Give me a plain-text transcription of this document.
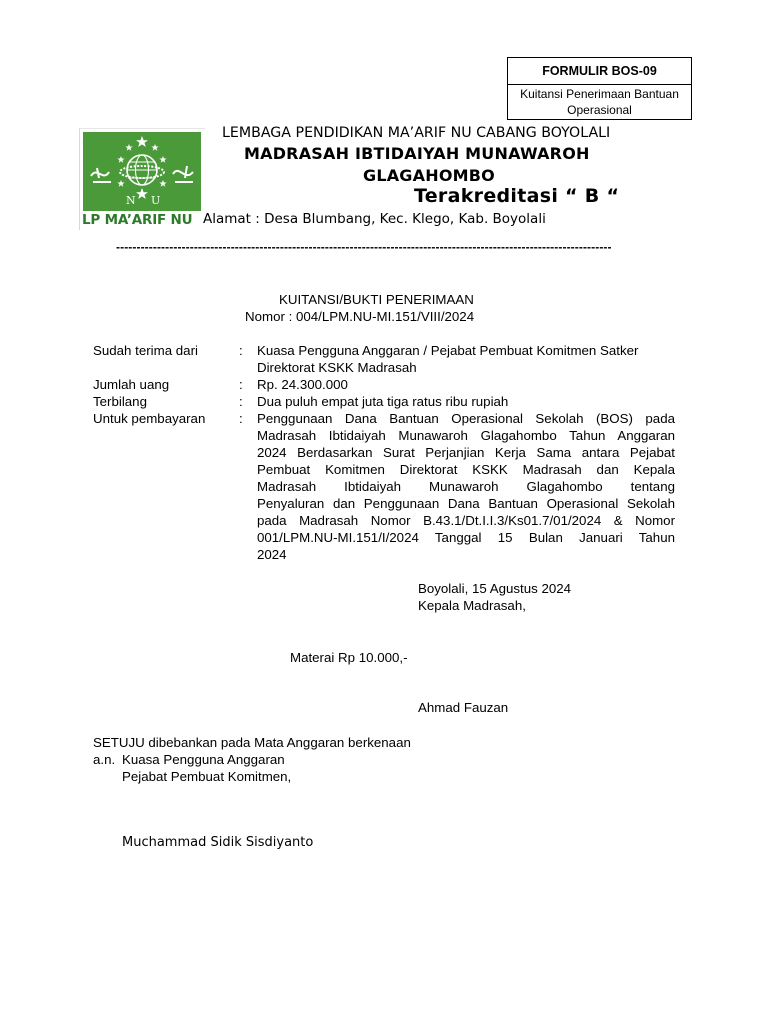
FORMULIR BOS-09
Kuitansi Penerimaan Bantuan Operasional
N U
LP MA’ARIF NU
LEMBAGA PENDIDIKAN MA’ARIF NU CABANG BOYOLALI
MADRASAH IBTIDAIYAH MUNAWAROH
GLAGAHOMBO
Terakreditasi “ B “
Alamat : Desa Blumbang, Kec. Klego, Kab. Boyolali
-------------------------------------------------------------------------------------------------------------------------
KUITANSI/BUKTI PENERIMAAN
Nomor : 004/LPM.NU-MI.151/VIII/2024
Sudah terima dari	: Kuasa Pengguna Anggaran / Pejabat Pembuat Komitmen Satker
Direktorat KSKK Madrasah
Jumlah uang	: Rp. 24.300.000
Terbilang	: Dua puluh empat juta tiga ratus ribu rupiah
Untuk pembayaran	: Penggunaan Dana Bantuan Operasional Sekolah (BOS) pada
Madrasah Ibtidaiyah Munawaroh Glagahombo Tahun Anggaran
2024 Berdasarkan Surat Perjanjian Kerja Sama antara Pejabat
Pembuat Komitmen Direktorat KSKK Madrasah dan Kepala
Madrasah Ibtidaiyah Munawaroh Glagahombo tentang
Penyaluran dan Penggunaan Dana Bantuan Operasional Sekolah
pada Madrasah Nomor B.43.1/Dt.I.I.3/Ks01.7/01/2024 & Nomor
001/LPM.NU-MI.151/I/2024 Tanggal 15 Bulan Januari Tahun
2024
Boyolali, 15 Agustus 2024
Kepala Madrasah,
Materai Rp 10.000,-
Ahmad Fauzan
SETUJU dibebankan pada Mata Anggaran berkenaan
a.n. Kuasa Pengguna Anggaran
Pejabat Pembuat Komitmen,
Muchammad Sidik Sisdiyanto
